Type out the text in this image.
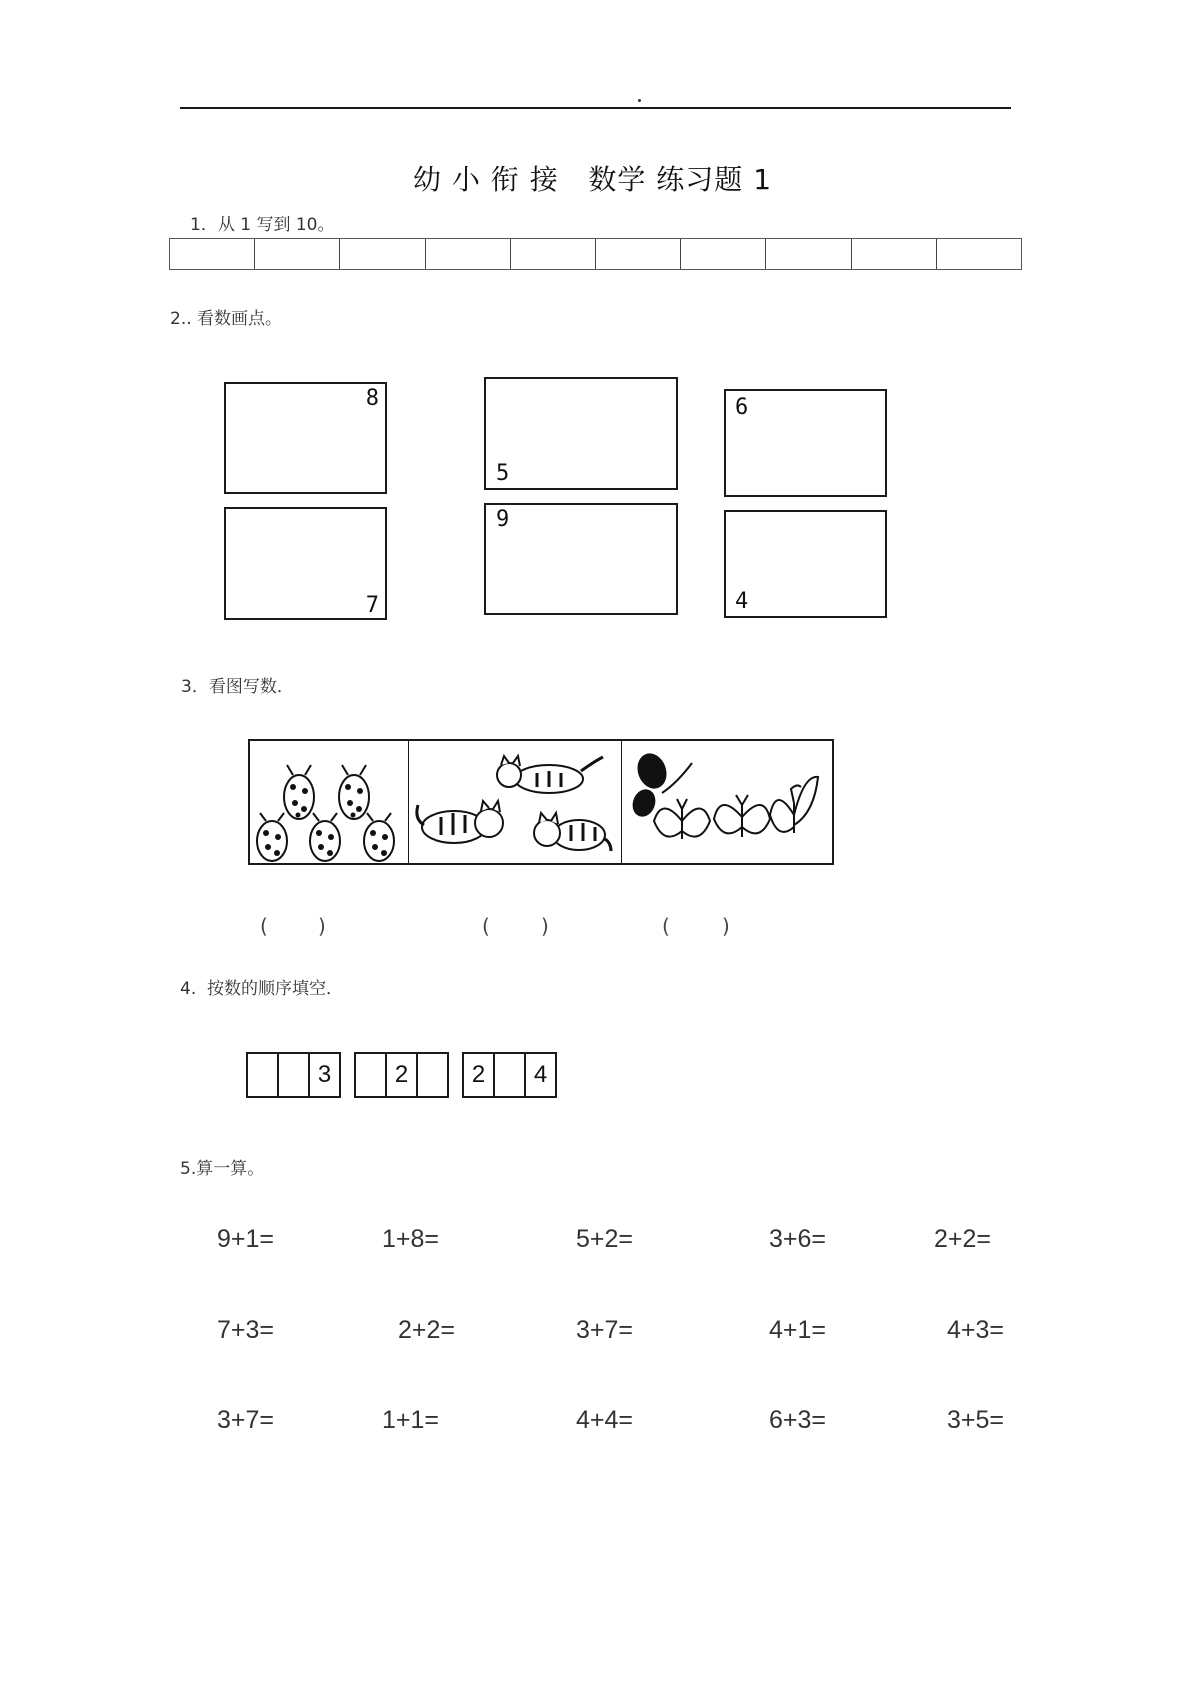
幼 小 衔 接   数学 练习题 1
1．从 1 写到 10。
2.. 看数画点。
8
7
5
9
6
4
3．看图写数．
(	)	(	)	(	)
4.  按数的顺序填空．
3	2	2	4
5.算一算。
9+1=	1+8=	5+2=	3+6=	2+2=
7+3=	2+2=	3+7=	4+1=	4+3=
3+7=	1+1=	4+4=	6+3=	3+5=
